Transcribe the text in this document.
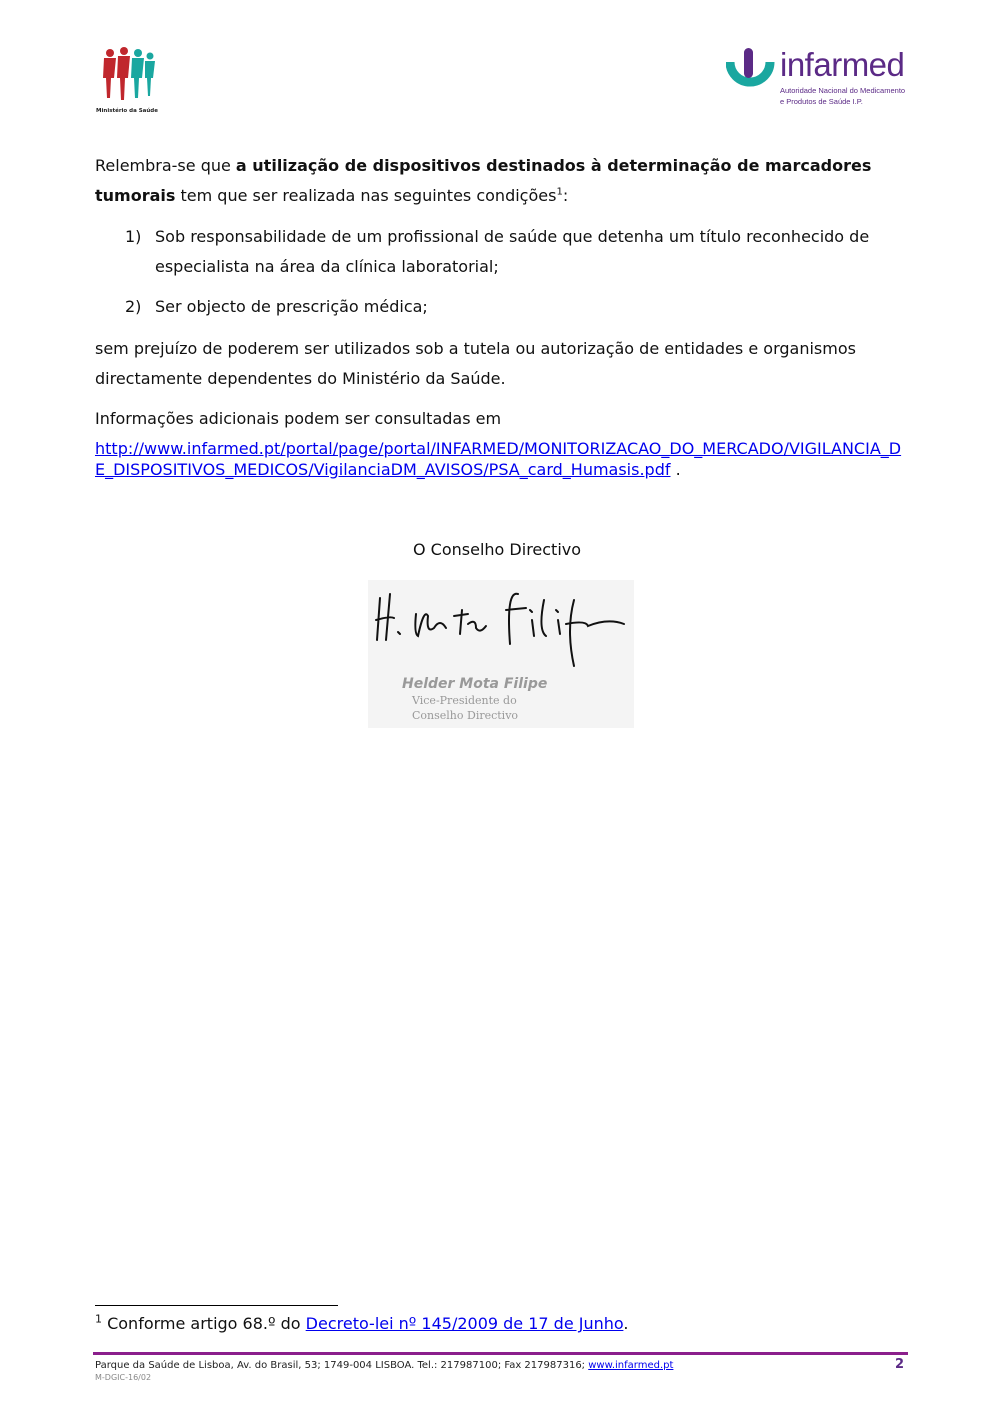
Ministério da Saúde
infarmed
Autoridade Nacional do Medicamento
e Produtos de Saúde I.P.
Relembra-se que a utilização de dispositivos destinados à determinação de marcadores
tumorais tem que ser realizada nas seguintes condições$^1$:
1) Sob responsabilidade de um profissional de saúde que detenha um título reconhecido de especialista na área da clínica laboratorial;
2) Ser objecto de prescrição médica;
sem prejuízo de poderem ser utilizados sob a tutela ou autorização de entidades e organismos directamente dependentes do Ministério da Saúde.
Informações adicionais podem ser consultadas em
http://www.infarmed.pt/portal/page/portal/INFARMED/MONITORIZACAO_DO_MERCADO/VIGILANCIA_DE_DISPOSITIVOS_MEDICOS/VigilanciaDM_AVISOS/PSA_card_Humasis.pdf .
O Conselho Directivo
Helder Mota Filipe
Vice-Presidente do
Conselho Directivo
$^1$ Conforme artigo 68.º do Decreto-lei nº 145/2009 de 17 de Junho.
Parque da Saúde de Lisboa, Av. do Brasil, 53; 1749-004 LISBOA. Tel.: 217987100; Fax 217987316; www.infarmed.pt
M-DGIC-16/02
2
